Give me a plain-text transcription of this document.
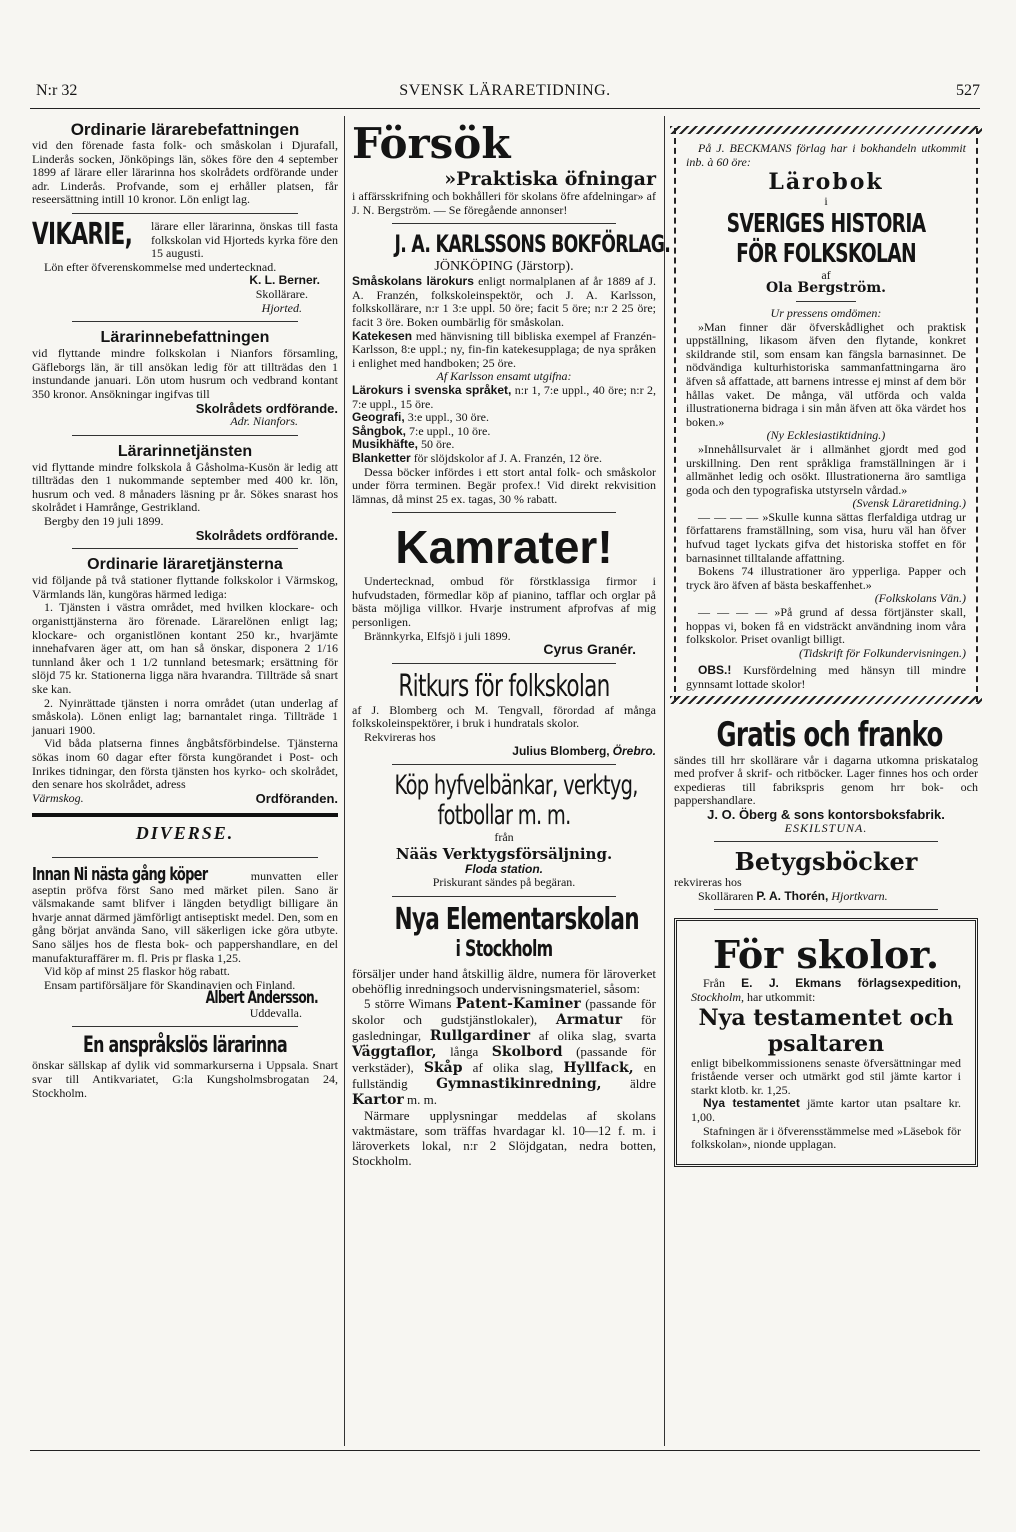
N:r 32	SVENSK LÄRARETIDNING.	527
Ordinarie lärarebefattningen

vid den förenade fasta folk- och småskolan i Djurafall, Linderås socken, Jönköpings län, sökes före den 4 september 1899 af lärare eller lärarinna hos skolrådets ordförande under adr. Linderås. Profvande, som ej erhåller platsen, får reseersättning intill 10 kronor. Lön enligt lag.

VIKARIE, lärare eller lärarinna, önskas till fasta folkskolan vid Hjorteds kyrka före den 15 augusti.

Lön efter öfverenskommelse med undertecknad.

K. L. Berner.
Skollärare.
Hjorted.
Lärarinnebefattningen

vid flyttande mindre folkskolan i Nianfors församling, Gäfleborgs län, är till ansökan ledig för att tillträdas den 1 instundande januari. Lön utom husrum och vedbrand kontant 350 kronor. Ansökningar ingifvas till

Skolrådets ordförande.
Adr. Nianfors.
Lärarinnetjänsten

vid flyttande mindre folkskola å Gåsholma-Kusön är ledig att tillträdas den 1 nukommande september med 400 kr. lön, husrum och ved. 8 månaders läsning pr år. Sökes snarast hos skolrådet i Hamrånge, Gestrikland.

Bergby den 19 juli 1899.

Skolrådets ordförande.
Ordinarie läraretjänsterna

vid följande på två stationer flyttande folkskolor i Värmskog, Värmlands län, kungöras härmed lediga:

1. Tjänsten i västra området, med hvilken klockare- och organisttjänsterna äro förenade. Lärarelönen enligt lag; klockare- och organistlönen kontant 250 kr., hvarjämte innehafvaren äger att, om han så önskar, disponera 2 1/16 tunnland åker och 1 1/2 tunnland betesmark; ersättning för slöjd 75 kr. Stationerna ligga nära hvarandra. Tillträde så snart ske kan.

2. Nyinrättade tjänsten i norra området (utan underlag af småskola). Lönen enligt lag; barnantalet ringa. Tillträde 1 januari 1900.

Vid båda platserna finnes ångbåtsförbindelse. Tjänsterna sökas inom 60 dagar efter första kungörandet i Post- och Inrikes tidningar, den första tjänsten hos kyrko- och skolrådet, den senare hos skolrådet, adress

Värmskog.	Ordföranden.

DIVERSE.

Innan Ni nästa gång köper	munvatten eller aseptin pröfva först Sano med märket pilen. Sano är välsmakande samt blifver i längden betydligt billigare än hvarje annat därmed jämförligt antiseptiskt medel. Den, som en gång börjat använda Sano, vill säkerligen icke göra utbyte. Sano säljes hos de flesta bok- och pappershandlare, en del manufakturaffärer m. fl. Pris pr flaska 1,25.

Vid köp af minst 25 flaskor hög rabatt.

Ensam partiförsäljare för Skandinavien och Finland.

Albert Andersson.
Uddevalla.
En anspråkslös lärarinna

önskar sällskap af dylik vid sommarkurserna i Uppsala. Snart svar till Antikvariatet, G:la Kungsholmsbrogatan 24, Stockholm.

Försök
»Praktiska öfningar

i affärsskrifning och bokhålleri för skolans öfre afdelningar» af J. N. Bergström. — Se föregående annonser!

J. A. KARLSSONS BOKFÖRLAG.
JÖNKÖPING (Järstorp).

Småskolans lärokurs enligt normalplanen af år 1889 af J. A. Franzén, folkskoleinspektör, och J. A. Karlsson, folkskollärare, n:r 1 3:e uppl. 50 öre; facit 5 öre; n:r 2 25 öre; facit 3 öre. Boken oumbärlig för småskolan.

Katekesen med hänvisning till bibliska exempel af Franzén-Karlsson, 8:e uppl.; ny, fin-fin katekesupplaga; de nya språken i enlighet med handboken; 25 öre.

Af Karlsson ensamt utgifna:

Lärokurs i svenska språket, n:r 1, 7:e uppl., 40 öre; n:r 2, 7:e uppl., 15 öre.

Geografi, 3:e uppl., 30 öre.

Sångbok, 7:e uppl., 10 öre.

Musikhäfte, 50 öre.

Blanketter för slöjdskolor af J. A. Franzén, 12 öre.

Dessa böcker infördes i ett stort antal folk- och småskolor under förra terminen. Begär profex.! Vid direkt rekvisition lämnas, då minst 25 ex. tagas, 30 % rabatt.

Kamrater!

Undertecknad, ombud för förstklassiga firmor i hufvudstaden, förmedlar köp af pianino, tafflar och orglar på bästa möjliga villkor. Hvarje instrument afprofvas af mig personligen.

Brännkyrka, Elfsjö i juli 1899.

Cyrus Granér.
Ritkurs för folkskolan

af J. Blomberg och M. Tengvall, förordad af många folkskoleinspektörer, i bruk i hundratals skolor.

Rekvireras hos

Julius Blomberg, Örebro.
Köp hyfvelbänkar, verktyg,
fotbollar m. m.
från
Nääs Verktygsförsäljning.
Floda station.
Priskurant sändes på begäran.
Nya Elementarskolan
i Stockholm

försäljer under hand åtskillig äldre, numera för läroverket obehöflig inredningsoch undervisningsmateriel, såsom:

5 större Wimans Patent-Kaminer (passande för skolor och gudstjänstlokaler), Armatur för gasledningar, Rullgardiner af olika slag, svarta Väggtaflor, långa Skolbord (passande för verkstäder), Skåp af olika slag, Hyllfack, en fullständig Gymnastikinredning, äldre Kartor m. m.

Närmare upplysningar meddelas af skolans vaktmästare, som träffas hvardagar kl. 10—12 f. m. i läroverkets lokal, n:r 2 Slöjdgatan, nedra botten, Stockholm.

På J. BECKMANS förlag har i bokhandeln utkommit inb. à 60 öre:

Lärobok
i
SVERIGES HISTORIA
FÖR FOLKSKOLAN
af
Ola Bergström.
Ur pressens omdömen:

»Man finner där öfverskådlighet och praktisk uppställning, likasom äfven den flytande, konkret skildrande stil, som ensam kan fängsla barnasinnet. De nödvändiga kulturhistoriska sammanfattningarna äro äfven så affattade, att barnens intresse ej minst af dem bör hållas vaket. De många, väl utförda och valda illustrationerna bidraga i sin mån äfven att öka värdet hos boken.»

(Ny Ecklesiastiktidning.)

»Innehållsurvalet är i allmänhet gjordt med god urskillning. Den rent språkliga framställningen är i allmänhet ledig och osökt. Illustrationerna äro samtliga goda och den typografiska utstyrseln vårdad.»

(Svensk Läraretidning.)

— — — — »Skulle kunna sättas flerfaldiga utdrag ur författarens framställning, som visa, huru väl han öfver hufvud taget lyckats gifva det historiska stoffet en för barnasinnet tilltalande affattning.

Bokens 74 illustrationer äro ypperliga. Papper och tryck äro äfven af bästa beskaffenhet.»

(Folkskolans Vän.)

— — — — »På grund af dessa förtjänster skall, hoppas vi, boken få en vidsträckt användning inom våra folkskolor. Priset ovanligt billigt.

(Tidskrift för Folkundervisningen.)

OBS.! Kursfördelning med hänsyn till mindre gynnsamt lottade skolor!

Gratis och franko

sändes till hrr skollärare vår i dagarna utkomna priskatalog med profver å skrif- och ritböcker. Lager finnes hos och order expedieras till fabrikspris genom hrr bok- och pappershandlare.

J. O. Öberg & sons kontorsboksfabrik.
ESKILSTUNA.
Betygsböcker

rekvireras hos

Skolläraren P. A. Thorén, Hjortkvarn.

För skolor.

Från E. J. Ekmans förlagsexpedition, Stockholm, har utkommit:

Nya testamentet och
psaltaren

enligt bibelkommissionens senaste öfversättningar med fristående verser och utmärkt god stil jämte kartor i starkt klotb. kr. 1,25.

Nya testamentet jämte kartor utan psaltare kr. 1,00.

Stafningen är i öfverensstämmelse med »Läsebok för folkskolan», nionde upplagan.
